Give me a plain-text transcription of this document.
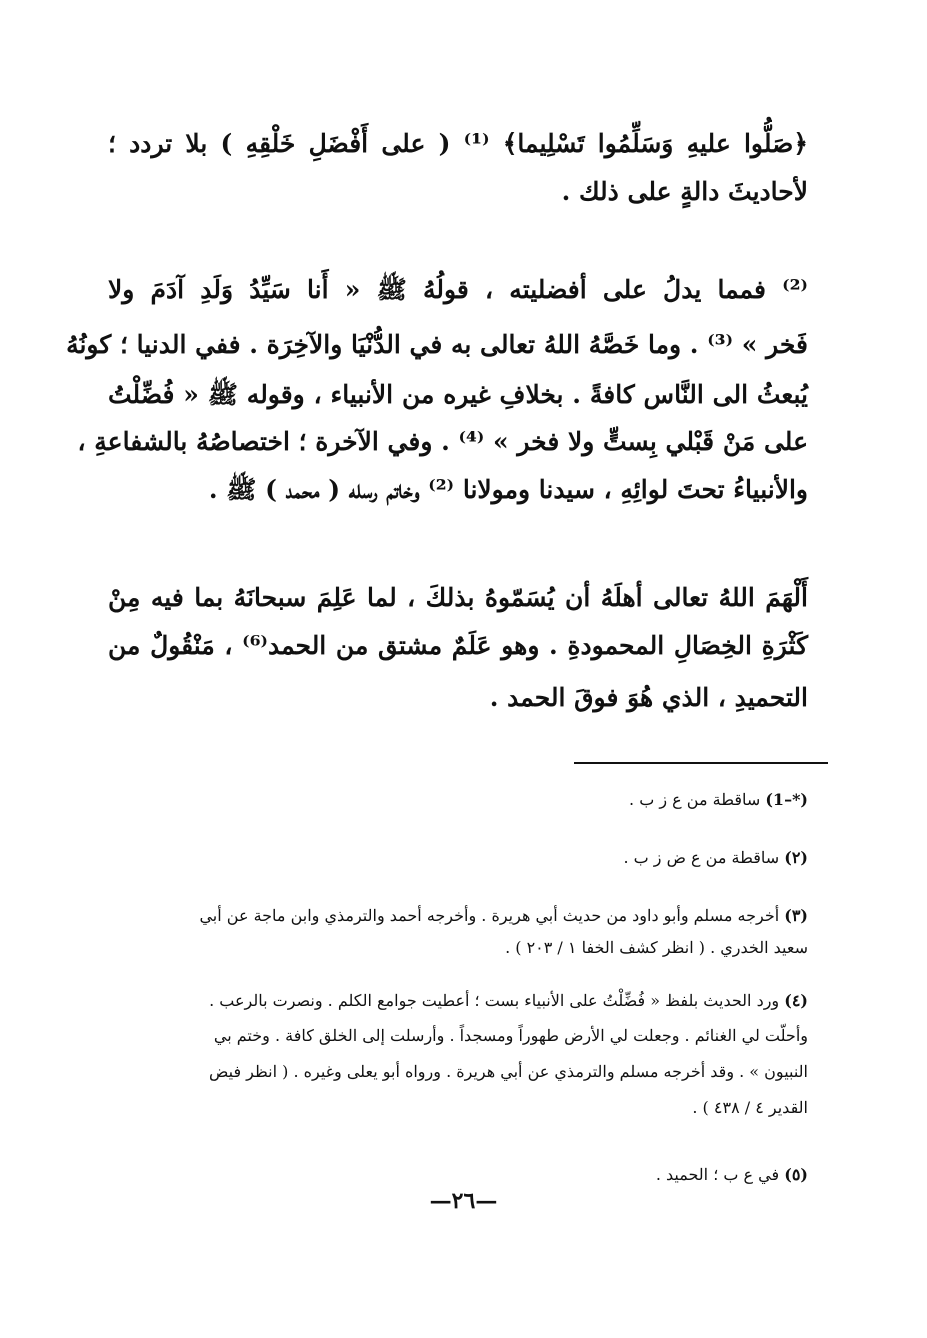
﴿صَلُّوا عليهِ وَسَلِّمُوا تَسْلِيما﴾ ⁽¹⁾ ( على أَفْضَلِ خَلْقِهِ ) بلا تردد ؛
لأحاديثَ دالةٍ على ذلك .
⁽²⁾ فمما يدلُ على أفضليته ، قولُهُ ﷺ « أَنا سَيِّدُ وَلَدِ آدَمَ ولا
فَخر » ⁽³⁾ . وما خَصَّهُ اللهُ تعالى به في الدُّنْيَا والآخِرَة . ففي الدنيا ؛ كونُهُ
يُبعثُ الى النَّاس كافةً . بخلافِ غيره من الأنبياء ، وقوله ﷺ « فُضِّلْتُ
على مَنْ قَبْلي بِستٍّ ولا فخر » ⁽⁴⁾ . وفي الآخرة ؛ اختصاصُهُ بالشفاعةِ ،
والأنبياءُ تحتَ لوائِهِ ، سيدنا ومولانا ⁽²⁾ وخاتم رسله ( محمد ) ﷺ .
أَلْهَمَ اللهُ تعالى أهلَهُ أن يُسَمّوهُ بذلكَ ، لما عَلِمَ سبحانَهُ بما فيه مِنْ
كَثْرَةِ الخِصَالِ المحمودةِ . وهو عَلَمٌ مشتق من الحمد⁽⁶⁾ ، مَنْقُولٌ من
التحميدِ ، الذي هُوَ فوقَ الحمد .
(*–1) ساقطة من ع ز ب .
(٢) ساقطة من ع ض ز ب .
(٣) أخرجه مسلم وأبو داود من حديث أبي هريرة . وأخرجه أحمد والترمذي وابن ماجة عن أبي
سعيد الخدري . ( انظر كشف الخفا ١ / ٢٠٣ ) .
(٤) ورد الحديث بلفظ « فُضِّلْتُ على الأنبياء بست ؛ أعطيت جوامع الكلم . ونصرت بالرعب .
وأحلّت لي الغنائم . وجعلت لي الأرض طهوراً ومسجداً . وأرسلت إلى الخلق كافة . وختم بي
النبيون » . وقد أخرجه مسلم والترمذي عن أبي هريرة . ورواه أبو يعلى وغيره . ( انظر فيض
القدير ٤ / ٤٣٨ ) .
(٥) في ع ب ؛ الحميد .
—٢٦—
